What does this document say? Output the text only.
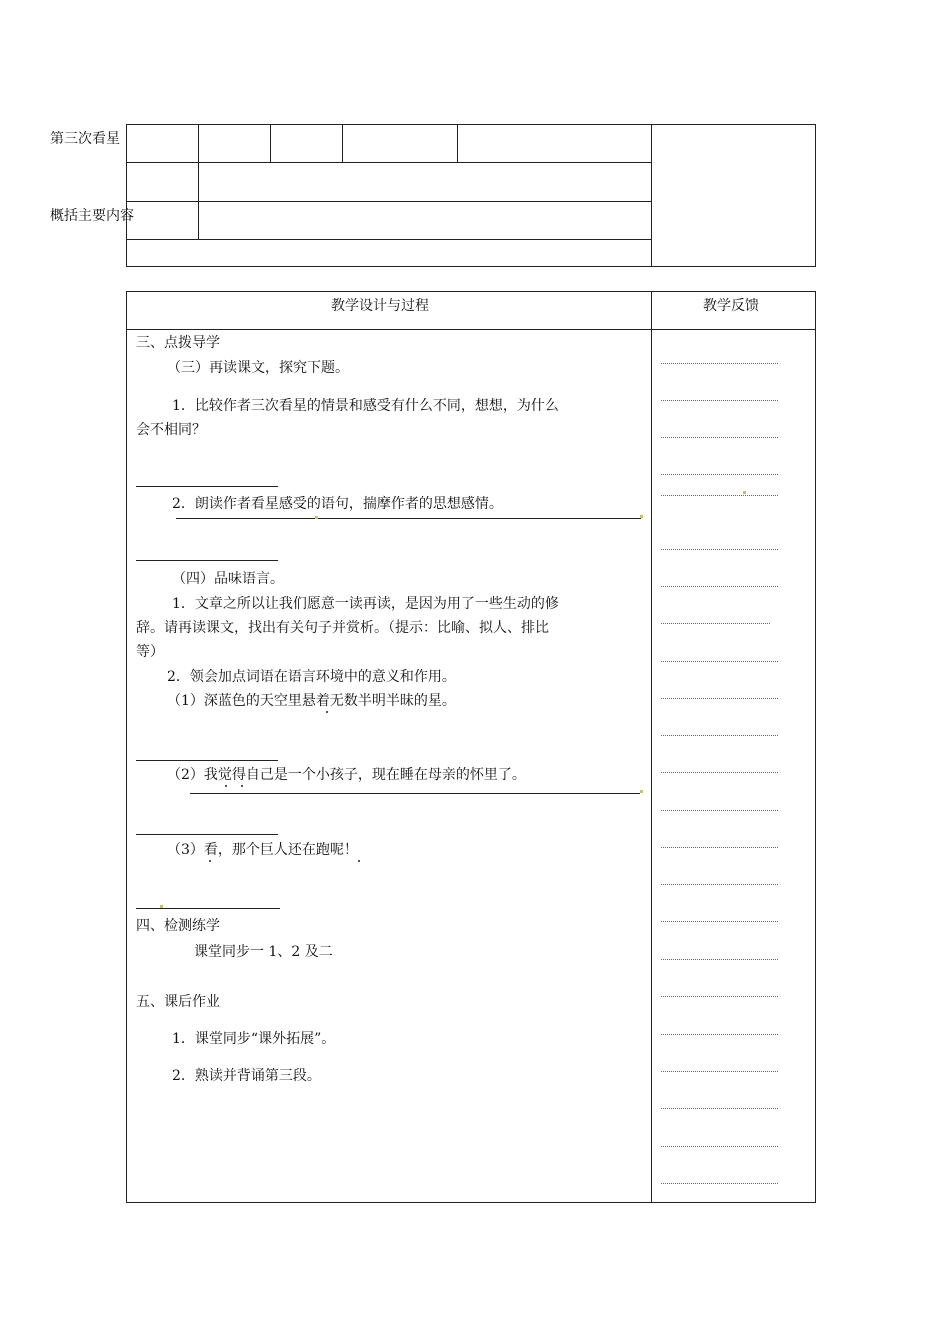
第三次看星
概括主要内容
教学设计与过程	教学反馈
三、点拨导学
（三）再读课文，探究下题。
1．比较作者三次看星的情景和感受有什么不同，想想，为什么
会不相同？
2．朗读作者看星感受的语句，揣摩作者的思想感情。
（四）品味语言。
1．文章之所以让我们愿意一读再读，是因为用了一些生动的修
辞。请再读课文，找出有关句子并赏析。（提示：比喻、拟人、排比
等）
2．领会加点词语在语言环境中的意义和作用。
（1）深蓝色的天空里悬着无数半明半昧的星。
（2）我觉得自己是一个小孩子，现在睡在母亲的怀里了。
（3）看，那个巨人还在跑呢！
四、检测练学
课堂同步一 1、2 及二
五、课后作业
1．课堂同步“课外拓展”。
2．熟读并背诵第三段。
